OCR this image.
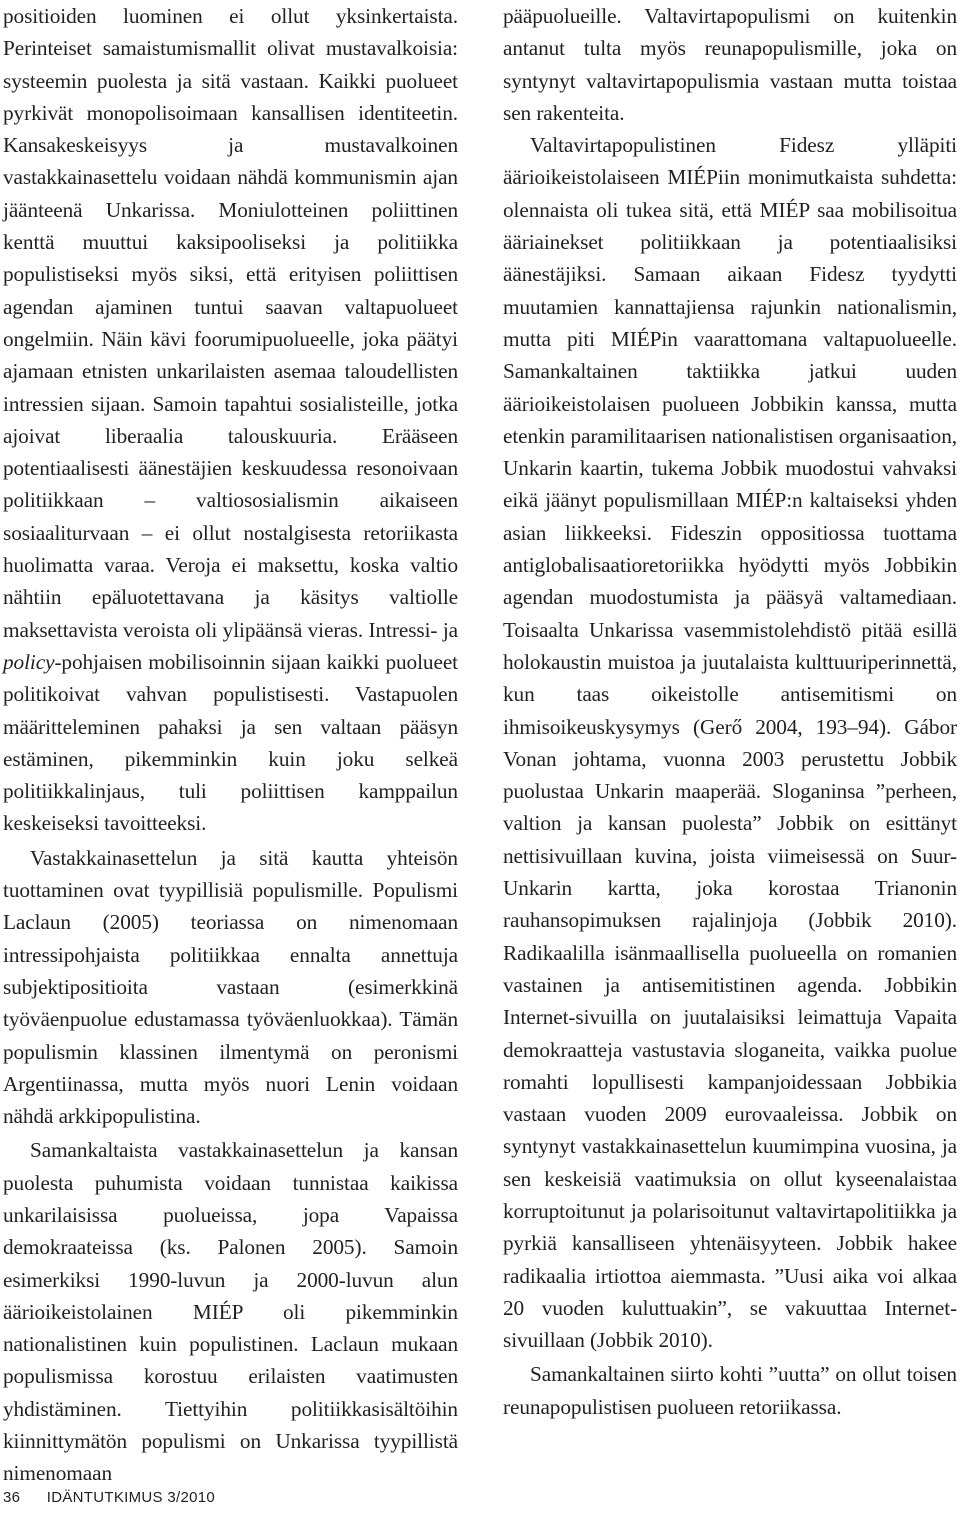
positioiden luominen ei ollut yksinkertaista. Perinteiset samaistumismallit olivat mustavalkoisia: systeemin puolesta ja sitä vastaan. Kaikki puolueet pyrkivät monopolisoimaan kansallisen identiteetin. Kansakeskeisyys ja mustavalkoinen vastakkainasettelu voidaan nähdä kommunismin ajan jäänteenä Unkarissa. Moniulotteinen poliittinen kenttä muuttui kaksipooliseksi ja politiikka populistiseksi myös siksi, että erityisen poliittisen agendan ajaminen tuntui saavan valtapuolueet ongelmiin. Näin kävi foorumipuolueelle, joka päätyi ajamaan etnisten unkarilaisten asemaa taloudellisten intressien sijaan. Samoin tapahtui sosialisteille, jotka ajoivat liberaalia talouskuuria. Erääseen potentiaalisesti äänestäjien keskuudessa resonoivaan politiikkaan – valtiososialismin aikaiseen sosiaaliturvaan – ei ollut nostalgisesta retoriikasta huolimatta varaa. Veroja ei maksettu, koska valtio nähtiin epäluotettavana ja käsitys valtiolle maksettavista veroista oli ylipäänsä vieras. Intressi- ja policy-pohjaisen mobilisoinnin sijaan kaikki puolueet politikoivat vahvan populistisesti. Vastapuolen määritteleminen pahaksi ja sen valtaan pääsyn estäminen, pikemminkin kuin joku selkeä politiikkalinjaus, tuli poliittisen kamppailun keskeiseksi tavoitteeksi.

Vastakkainasettelun ja sitä kautta yhteisön tuottaminen ovat tyypillisiä populismille. Populismi Laclaun (2005) teoriassa on nimenomaan intressipohjaista politiikkaa ennalta annettuja subjektipositioita vastaan (esimerkkinä työväenpuolue edustamassa työväenluokkaa). Tämän populismin klassinen ilmentymä on peronismi Argentiinassa, mutta myös nuori Lenin voidaan nähdä arkkipopulistina.

Samankaltaista vastakkainasettelun ja kansan puolesta puhumista voidaan tunnistaa kaikissa unkarilaisissa puolueissa, jopa Vapaissa demokraateissa (ks. Palonen 2005). Samoin esimerkiksi 1990-luvun ja 2000-luvun alun äärioikeistolainen MIÉP oli pikemminkin nationalistinen kuin populistinen. Laclaun mukaan populismissa korostuu erilaisten vaatimusten yhdistäminen. Tiettyihin politiikkasisältöihin kiinnittymätön populismi on Unkarissa tyypillistä nimenomaan

pääpuolueille. Valtavirtapopulismi on kuitenkin antanut tulta myös reunapopulismille, joka on syntynyt valtavirtapopulismia vastaan mutta toistaa sen rakenteita.

Valtavirtapopulistinen Fidesz ylläpiti äärioikeistolaiseen MIÉPiin monimutkaista suhdetta: olennaista oli tukea sitä, että MIÉP saa mobilisoitua ääriainekset politiikkaan ja potentiaalisiksi äänestäjiksi. Samaan aikaan Fidesz tyydytti muutamien kannattajiensa rajunkin nationalismin, mutta piti MIÉPin vaarattomana valtapuolueelle. Samankaltainen taktiikka jatkui uuden äärioikeistolaisen puolueen Jobbikin kanssa, mutta etenkin paramilitaarisen nationalistisen organisaation, Unkarin kaartin, tukema Jobbik muodostui vahvaksi eikä jäänyt populismillaan MIÉP:n kaltaiseksi yhden asian liikkeeksi. Fideszin oppositiossa tuottama antiglobalisaatioretoriikka hyödytti myös Jobbikin agendan muodostumista ja pääsyä valtamediaan. Toisaalta Unkarissa vasemmistolehdistö pitää esillä holokaustin muistoa ja juutalaista kulttuuriperinnettä, kun taas oikeistolle antisemitismi on ihmisoikeuskysymys (Gerő 2004, 193–94). Gábor Vonan johtama, vuonna 2003 perustettu Jobbik puolustaa Unkarin maaperää. Sloganinsa ”perheen, valtion ja kansan puolesta” Jobbik on esittänyt nettisivuillaan kuvina, joista viimeisessä on Suur-Unkarin kartta, joka korostaa Trianonin rauhansopimuksen rajalinjoja (Jobbik 2010). Radikaalilla isänmaallisella puolueella on romanien vastainen ja antisemitistinen agenda. Jobbikin Internet-sivuilla on juutalaisiksi leimattuja Vapaita demokraatteja vastustavia sloganeita, vaikka puolue romahti lopullisesti kampanjoidessaan Jobbikia vastaan vuoden 2009 eurovaaleissa. Jobbik on syntynyt vastakkainasettelun kuumimpina vuosina, ja sen keskeisiä vaatimuksia on ollut kyseenalaistaa korruptoitunut ja polarisoitunut valtavirtapolitiikka ja pyrkiä kansalliseen yhtenäisyyteen. Jobbik hakee radikaalia irtiottoa aiemmasta. ”Uusi aika voi alkaa 20 vuoden kuluttuakin”, se vakuuttaa Internet-sivuillaan (Jobbik 2010).

Samankaltainen siirto kohti ”uutta” on ollut toisen reunapopulistisen puolueen retoriikassa.

36 IDÄNTUTKIMUS 3/2010
